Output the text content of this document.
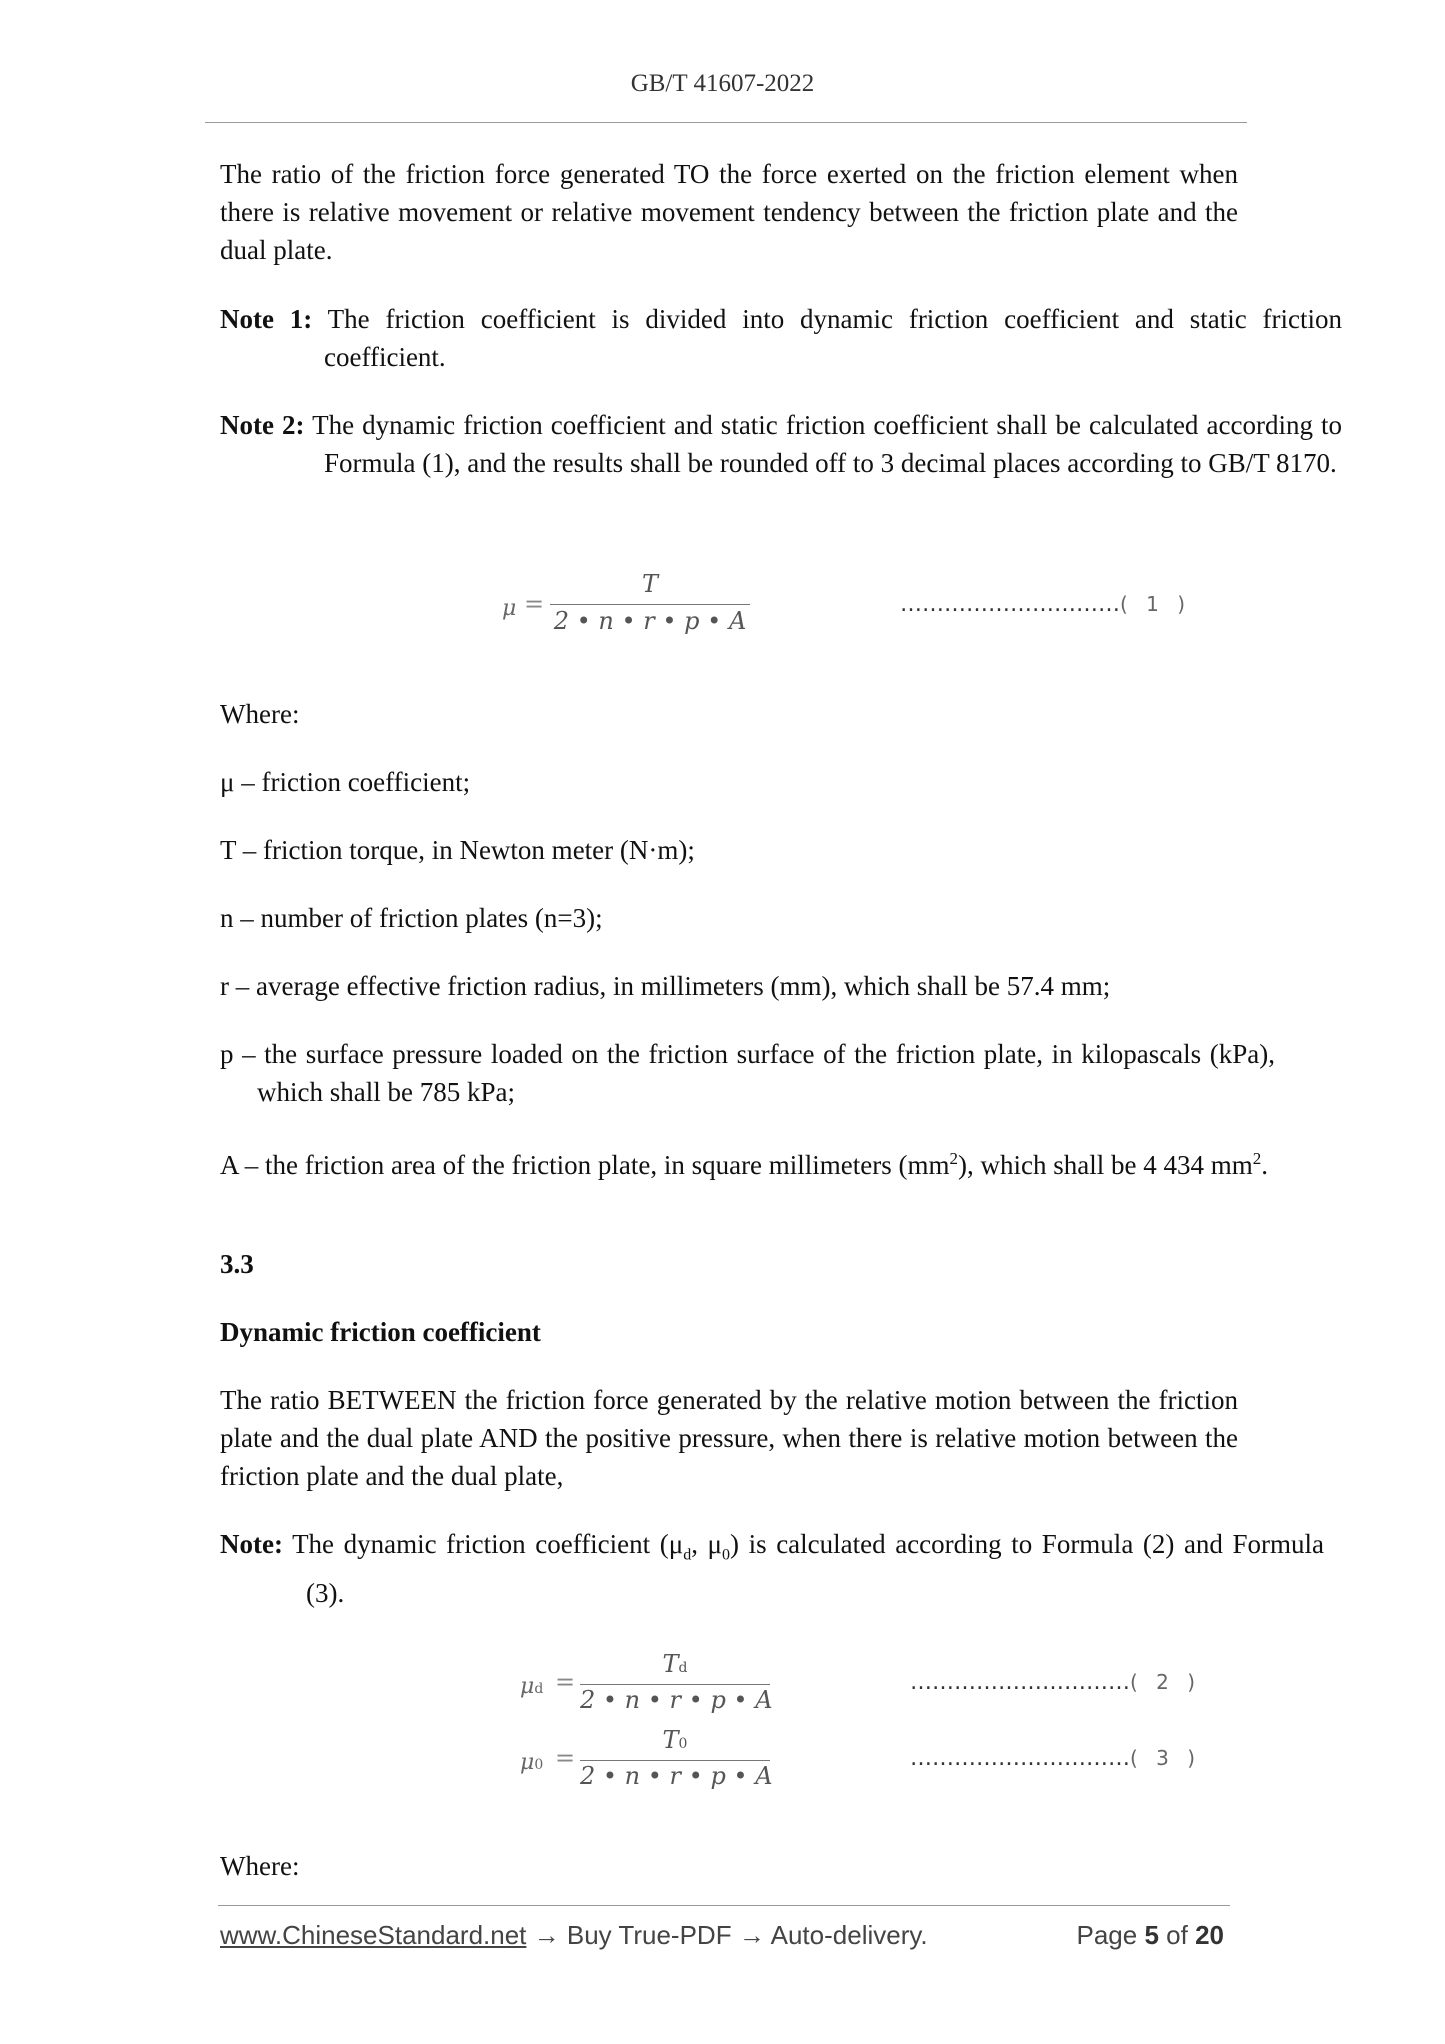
GB/T 41607-2022

The ratio of the friction force generated TO the force exerted on the friction element when there is relative movement or relative movement tendency between the friction plate and the dual plate.

Note 1: The friction coefficient is divided into dynamic friction coefficient and static friction coefficient.

Note 2: The dynamic friction coefficient and static friction coefficient shall be calculated according to Formula (1), and the results shall be rounded off to 3 decimal places according to GB/T 8170.

μ =
T
2 • n • r • p • A
…………………………( 1 )

Where:

μ – friction coefficient;

T – friction torque, in Newton meter (N·m);

n – number of friction plates (n=3);

r – average effective friction radius, in millimeters (mm), which shall be 57.4 mm;

p – the surface pressure loaded on the friction surface of the friction plate, in kilopascals (kPa), which shall be 785 kPa;

A – the friction area of the friction plate, in square millimeters $(mm^2)$, which shall be 4 434 $mm^2$.

3.3

Dynamic friction coefficient

The ratio BETWEEN the friction force generated by the relative motion between the friction plate and the dual plate AND the positive pressure, when there is relative motion between the friction plate and the dual plate,

Note: The dynamic friction coefficient ($\mu_d$, $\mu_0$) is calculated according to Formula (2) and Formula (3).

μd =
Td
2 • n • r • p • A
…………………………( 2 )
μ0 =
T0
2 • n • r • p • A
…………………………( 3 )

Where:

www.ChineseStandard.net → Buy True-PDF → Auto-delivery.	Page 5 of 20
